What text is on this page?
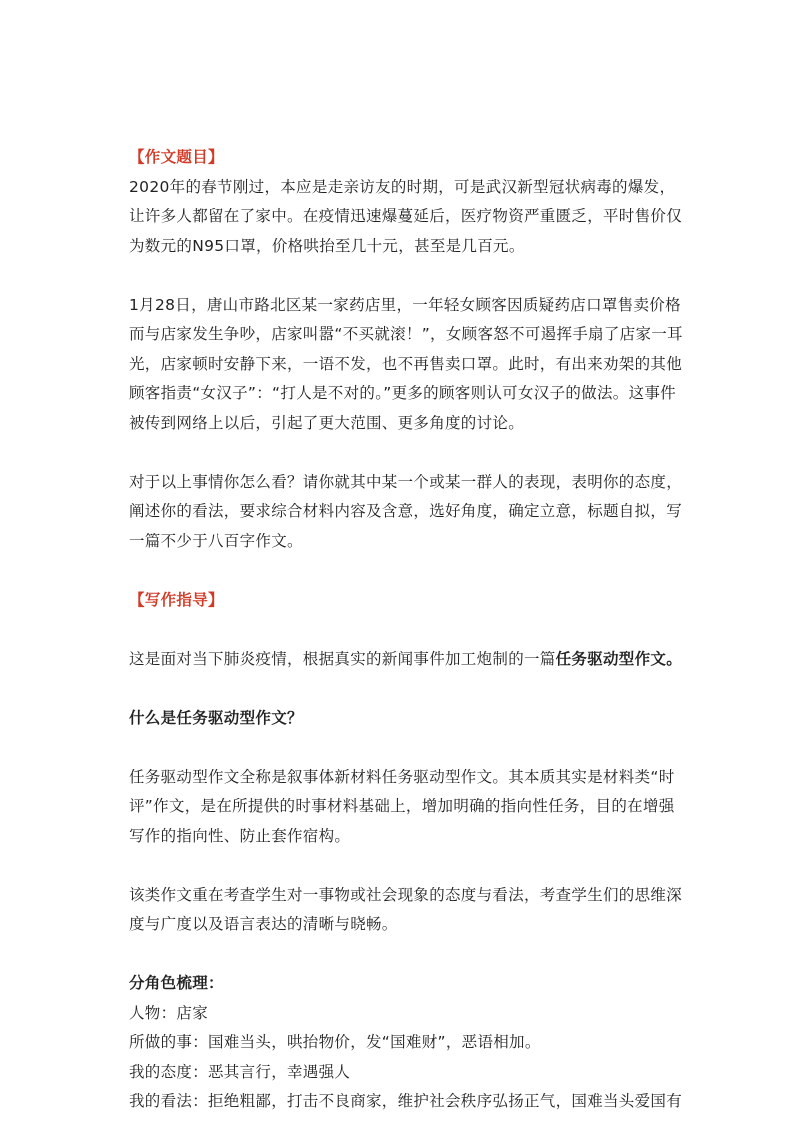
【作文题目】

2020年的春节刚过，本应是走亲访友的时期，可是武汉新型冠状病毒的爆发，

让许多人都留在了家中。在疫情迅速爆蔓延后，医疗物资严重匮乏，平时售价仅

为数元的N95口罩，价格哄抬至几十元，甚至是几百元。

1月28日，唐山市路北区某一家药店里，一年轻女顾客因质疑药店口罩售卖价格

而与店家发生争吵，店家叫嚣“不买就滚！”，女顾客怒不可遏挥手扇了店家一耳

光，店家顿时安静下来，一语不发，也不再售卖口罩。此时，有出来劝架的其他

顾客指责“女汉子”：“打人是不对的。”更多的顾客则认可女汉子的做法。这事件

被传到网络上以后，引起了更大范围、更多角度的讨论。

对于以上事情你怎么看？请你就其中某一个或某一群人的表现，表明你的态度，

阐述你的看法，要求综合材料内容及含意，选好角度，确定立意，标题自拟，写

一篇不少于八百字作文。

【写作指导】

这是面对当下肺炎疫情，根据真实的新闻事件加工炮制的一篇任务驱动型作文。

什么是任务驱动型作文？

任务驱动型作文全称是叙事体新材料任务驱动型作文。其本质其实是材料类“时

评”作文，是在所提供的时事材料基础上，增加明确的指向性任务，目的在增强

写作的指向性、防止套作宿构。

该类作文重在考查学生对一事物或社会现象的态度与看法，考查学生们的思维深

度与广度以及语言表达的清晰与晓畅。

分角色梳理：

人物：店家

所做的事：国难当头，哄抬物价，发“国难财”，恶语相加。

我的态度：恶其言行，幸遇强人

我的看法：拒绝粗鄙，打击不良商家，维护社会秩序弘扬正气，国难当头爱国有
